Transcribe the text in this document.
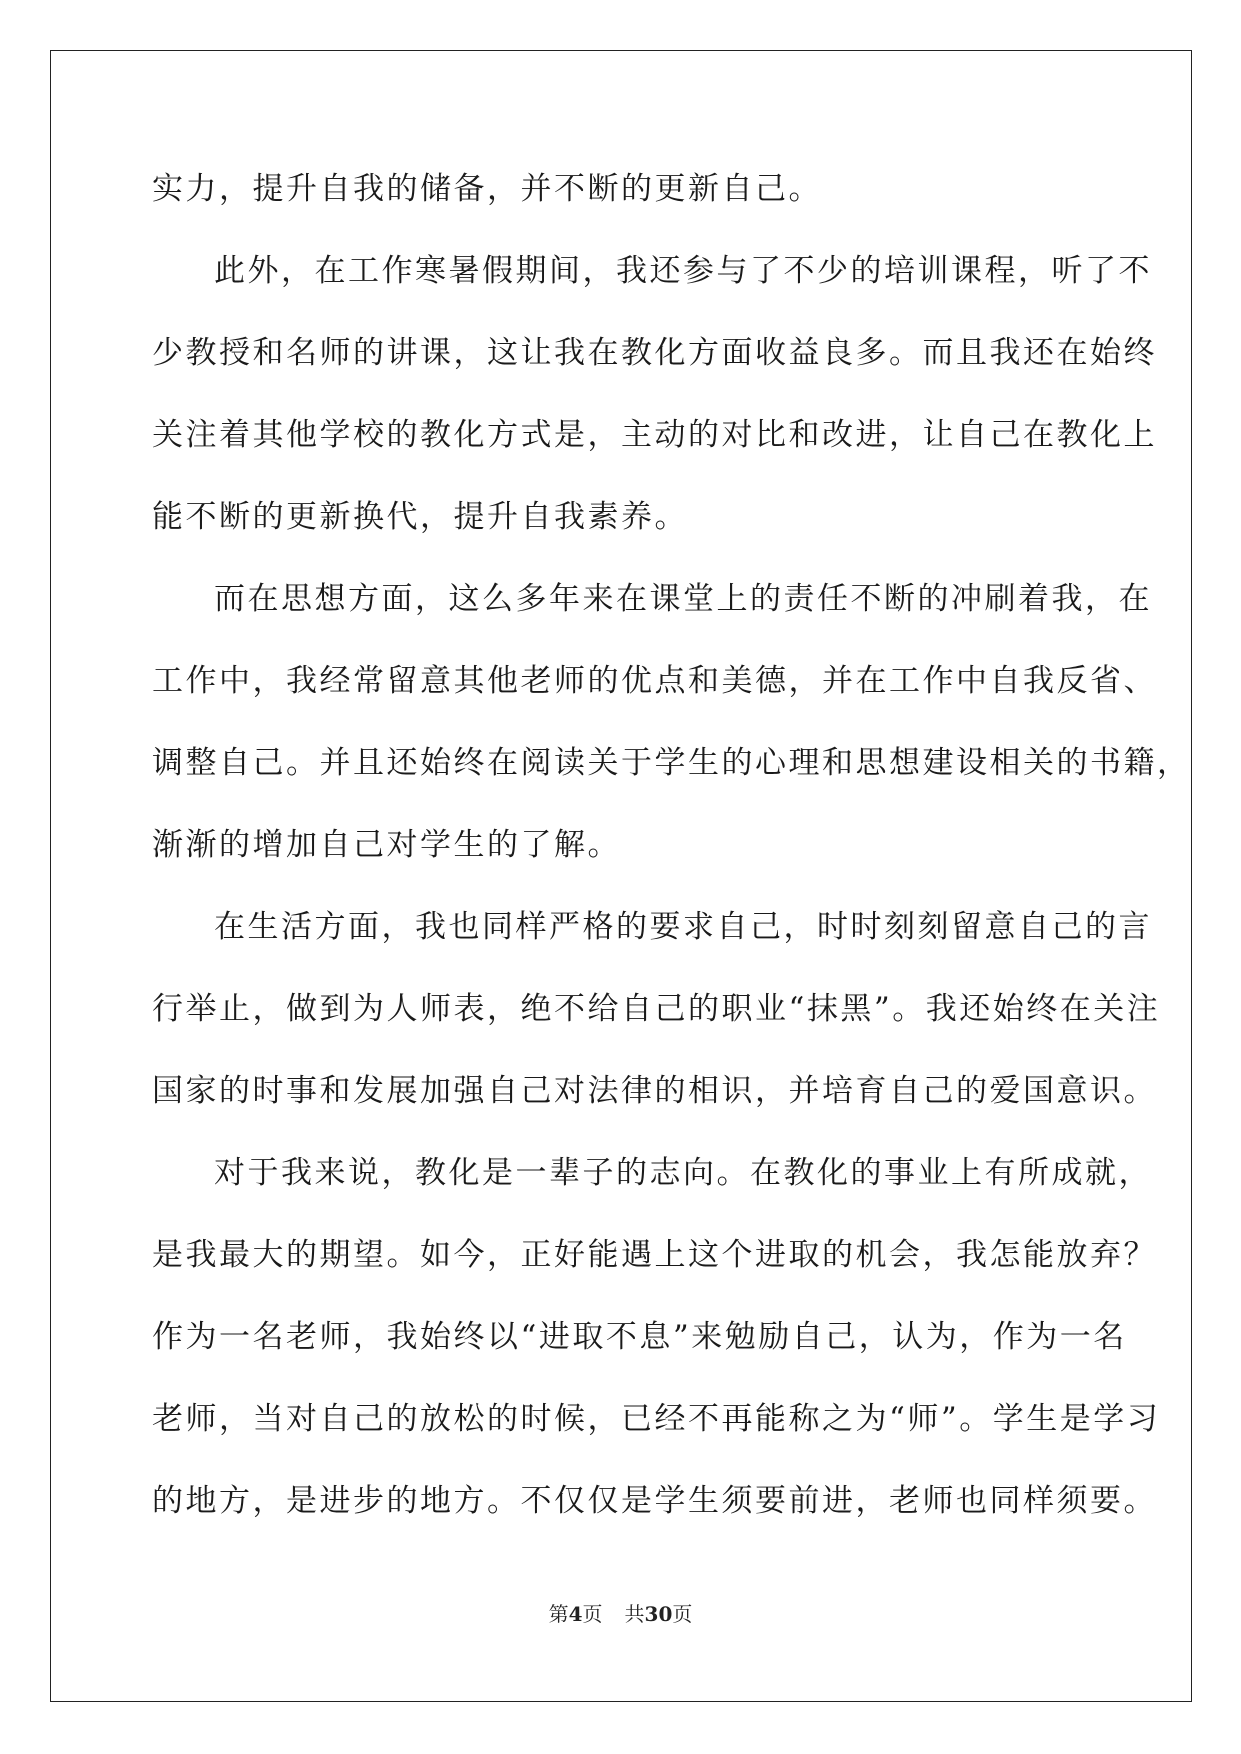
实力，提升自我的储备，并不断的更新自己。
此外，在工作寒暑假期间，我还参与了不少的培训课程，听了不
少教授和名师的讲课，这让我在教化方面收益良多。而且我还在始终
关注着其他学校的教化方式是，主动的对比和改进，让自己在教化上
能不断的更新换代，提升自我素养。
而在思想方面，这么多年来在课堂上的责任不断的冲刷着我，在
工作中，我经常留意其他老师的优点和美德，并在工作中自我反省、
调整自己。并且还始终在阅读关于学生的心理和思想建设相关的书籍，
渐渐的增加自己对学生的了解。
在生活方面，我也同样严格的要求自己，时时刻刻留意自己的言
行举止，做到为人师表，绝不给自己的职业“抹黑”。我还始终在关注
国家的时事和发展加强自己对法律的相识，并培育自己的爱国意识。
对于我来说，教化是一辈子的志向。在教化的事业上有所成就，
是我最大的期望。如今，正好能遇上这个进取的机会，我怎能放弃？
作为一名老师，我始终以“进取不息”来勉励自己，认为，作为一名
老师，当对自己的放松的时候，已经不再能称之为“师”。学生是学习
的地方，是进步的地方。不仅仅是学生须要前进，老师也同样须要。
第4页 共30页
